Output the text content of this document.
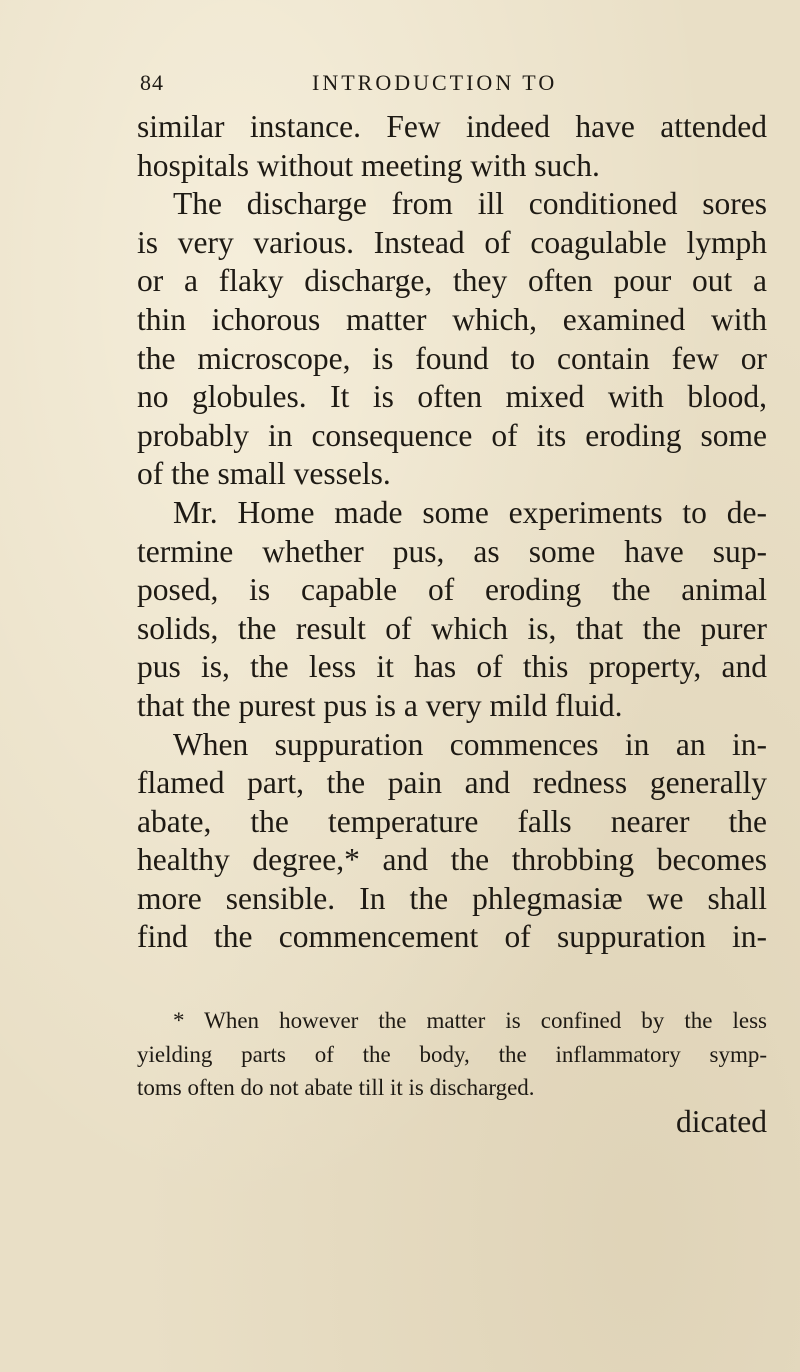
84	INTRODUCTION TO
similar instance. Few indeed have attended
hospitals without meeting with such.
The discharge from ill conditioned sores
is very various. Instead of coagulable lymph
or a flaky discharge, they often pour out a
thin ichorous matter which, examined with
the microscope, is found to contain few or
no globules. It is often mixed with blood,
probably in consequence of its eroding some
of the small vessels.
Mr. Home made some experiments to de-
termine whether pus, as some have sup-
posed, is capable of eroding the animal
solids, the result of which is, that the purer
pus is, the less it has of this property, and
that the purest pus is a very mild fluid.
When suppuration commences in an in-
flamed part, the pain and redness generally
abate, the temperature falls nearer the
healthy degree,* and the throbbing becomes
more sensible. In the phlegmasiæ we shall
find the commencement of suppuration in-
* When however the matter is confined by the less
yielding parts of the body, the inflammatory symp-
toms often do not abate till it is discharged.
dicated
